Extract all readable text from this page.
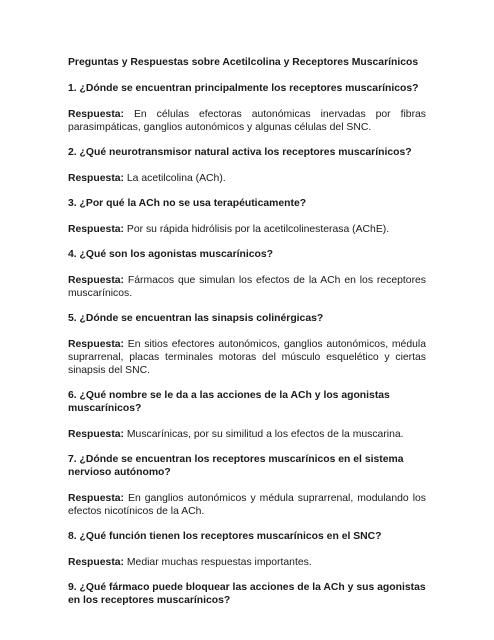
Preguntas y Respuestas sobre Acetilcolina y Receptores Muscarínicos
1. ¿Dónde se encuentran principalmente los receptores muscarínicos?
Respuesta: En células efectoras autonómicas inervadas por fibras parasimpáticas, ganglios autonómicos y algunas células del SNC.
2. ¿Qué neurotransmisor natural activa los receptores muscarínicos?
Respuesta: La acetilcolina (ACh).
3. ¿Por qué la ACh no se usa terapéuticamente?
Respuesta: Por su rápida hidrólisis por la acetilcolinesterasa (AChE).
4. ¿Qué son los agonistas muscarínicos?
Respuesta: Fármacos que simulan los efectos de la ACh en los receptores muscarínicos.
5. ¿Dónde se encuentran las sinapsis colinérgicas?
Respuesta: En sitios efectores autonómicos, ganglios autonómicos, médula suprarrenal, placas terminales motoras del músculo esquelético y ciertas sinapsis del SNC.
6. ¿Qué nombre se le da a las acciones de la ACh y los agonistas muscarínicos?
Respuesta: Muscarínicas, por su similitud a los efectos de la muscarina.
7. ¿Dónde se encuentran los receptores muscarínicos en el sistema nervioso autónomo?
Respuesta: En ganglios autonómicos y médula suprarrenal, modulando los efectos nicotínicos de la ACh.
8. ¿Qué función tienen los receptores muscarínicos en el SNC?
Respuesta: Mediar muchas respuestas importantes.
9. ¿Qué fármaco puede bloquear las acciones de la ACh y sus agonistas en los receptores muscarínicos?
